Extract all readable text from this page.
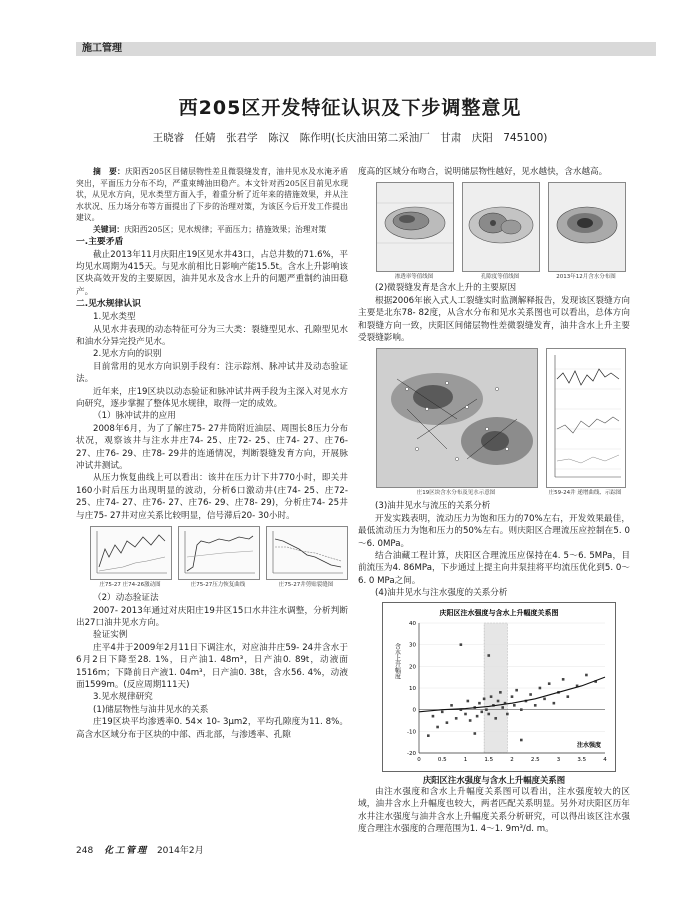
施工管理
西205区开发特征认识及下步调整意见
王晓睿　任婧　张君学　陈汉　陈作明(长庆油田第二采油厂　甘肃　庆阳　745100)
摘　要：庆阳西205区目储层物性差且微裂缝发育，油井见水及水淹矛盾突出，平面压力分布不均，严重束缚油田稳产。本文针对西205区目前见水现状，从见水方向，见水类型方面入手，着重分析了近年来的措施效果，并从注水状况、压力场分布等方面提出了下步的治理对策，为该区今后开发工作提出建议。
关键词：庆阳西205区；见水规律；平面压力；措施效果；治理对策
一.主要矛盾
截止2013年11月庆阳庄19区见水井43口，占总井数的71.6%，平均见水周期为415天。与见水前相比日影响产能15.5t。含水上升影响该区块高效开发的主要原因，油井见水及含水上升的问题严重制约油田稳产。
二.见水规律认识
1.见水类型
从见水井表现的动态特征可分为三大类：裂缝型见水、孔隙型见水和油水分异完投产见水。
2.见水方向的识别
目前常用的见水方向识别手段有：注示踪剂、脉冲试井及动态验证法。
近年来，庄19区块以动态验证和脉冲试井两手段为主深入对见水方向研究，逐步掌握了整体见水规律，取得一定的成效。
（1）脉冲试井的应用
2008年6月，为了了解庄75- 27井筒附近油层、周围长8压力分布状况，观察该井与注水井庄74- 25、庄72- 25、庄74- 27、庄76- 27、庄76- 29、庄78- 29井的连通情况，判断裂缝发育方向，开展脉冲试井测试。
从压力恢复曲线上可以看出：该井在压力计下井770小时，即关井160小时后压力出现明显的波动，分析6口激动井(庄74- 25、庄72- 25、庄74- 27、庄76- 27、庄76- 29、庄78- 29)，分析庄74- 25井与庄75- 27井对应关系比较明显，信号滞后20- 30小时。
庄75-27 庄74-26激动图	庄75-27压力恢复曲线	庄75-27井剪贴裂缝图
（2）动态验证法
2007- 2013年通过对庆阳庄19井区15口水井注水调整，分析判断出27口油井见水方向。
验证实例
庄平4井于2009年2月11日下调注水，对应油井庄59- 24井含水于6月2日下降至28. 1%，日产油1. 48m³，日产油0. 89t，动液面1516m；下降前日产液1. 04m³，日产油0. 38t，含水56. 4%，动液面1599m。(反应周期111天)
3.见水规律研究
(1)储层物性与油井见水的关系
庄19区块平均渗透率0. 54× 10- 3μm2，平均孔隙度为11. 8%。高含水区域分布于区块的中部、西北部，与渗透率、孔隙
度高的区域分布吻合，说明储层物性越好，见水越快，含水越高。
渗透率等值线图	孔隙度等值线图	2013年12月含水分布图
(2)微裂缝发育是含水上升的主要原因
根据2006年嵌入式人工裂缝实时监测解释报告，发现该区裂缝方向主要是北东78- 82度，从含水分布和见水关系图也可以看出，总体方向和裂缝方向一致，庆阳区间储层物性差微裂缝发育，油井含水上升主要受裂缝影响。
庄19区块含水分布及见水示意图	庄59-24井 递增曲线、示踪图
(3)油井见水与流压的关系分析
开发实践表明，流动压力为饱和压力的70%左右，开发效果最佳，最低流动压力为饱和压力的50%左右。则庆阳区合理流压应控制在5. 0～6. 0MPa。
结合油藏工程计算，庆阳区合理流压应保持在4. 5～6. 5MPa，目前流压为4. 86MPa，下步通过上提主向井泵挂将平均流压优化到5. 0～6. 0 MPa之间。
(4)油井见水与注水强度的关系分析
庆阳区注水强度与含水上升幅度关系图
-20
-10
0
10
20
30
40
0	0.5	1	1.5	2	2.5	3	3.5	4
含水上升幅度
注水强度
庆阳区注水强度与含水上升幅度关系图
由注水强度和含水上升幅度关系图可以看出，注水强度较大的区域，油井含水上升幅度也较大，两者匹配关系明显。另外对庆阳区历年水井注水强度与油井含水上升幅度关系分析研究，可以得出该区注水强度合理注水强度的合理范围为1. 4～1. 9m³/d. m。
248 化工管理 2014年2月
